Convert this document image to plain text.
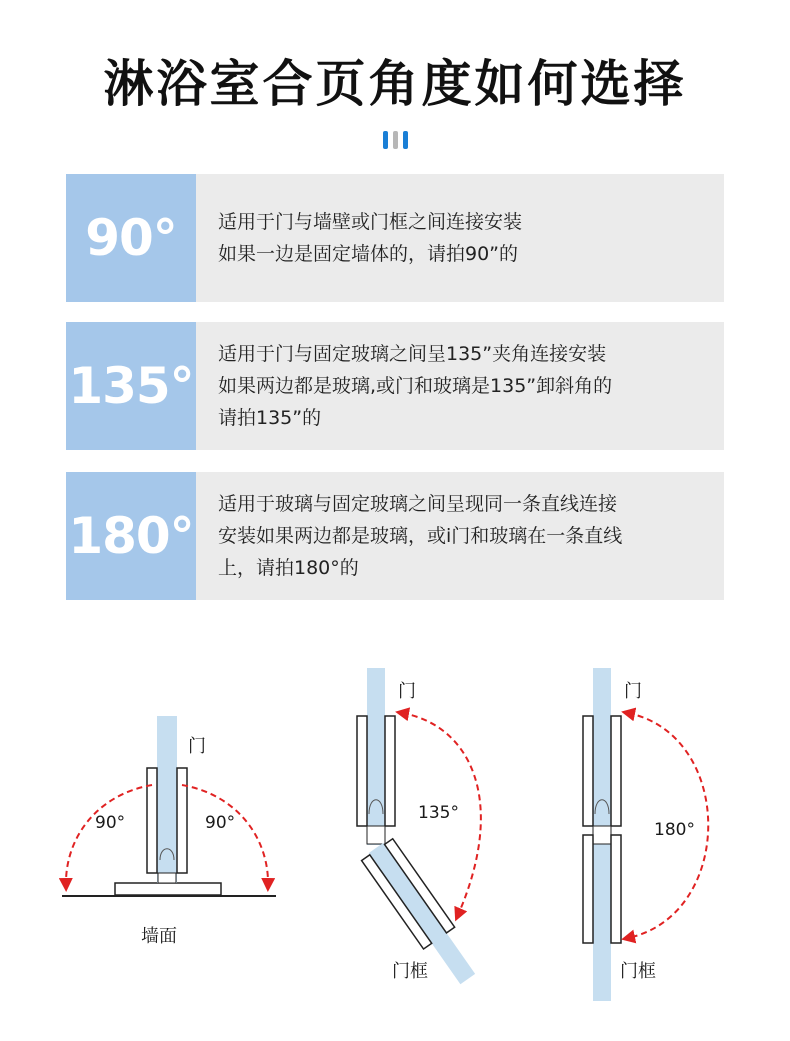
淋浴室合页角度如何选择
90°	适用于门与墙壁或门框之间连接安装
如果一边是固定墙体的，请拍90”的
135°
适用于门与固定玻璃之间呈135”夹角连接安装
如果两边都是玻璃,或门和玻璃是135”卸斜角的
请拍135”的
180°
适用于玻璃与固定玻璃之间呈现同一条直线连接
安装如果两边都是玻璃，或i门和玻璃在一条直线
上，请拍180°的
门
90°	90°
墙面
门
135°
门框
门
180°
门框
